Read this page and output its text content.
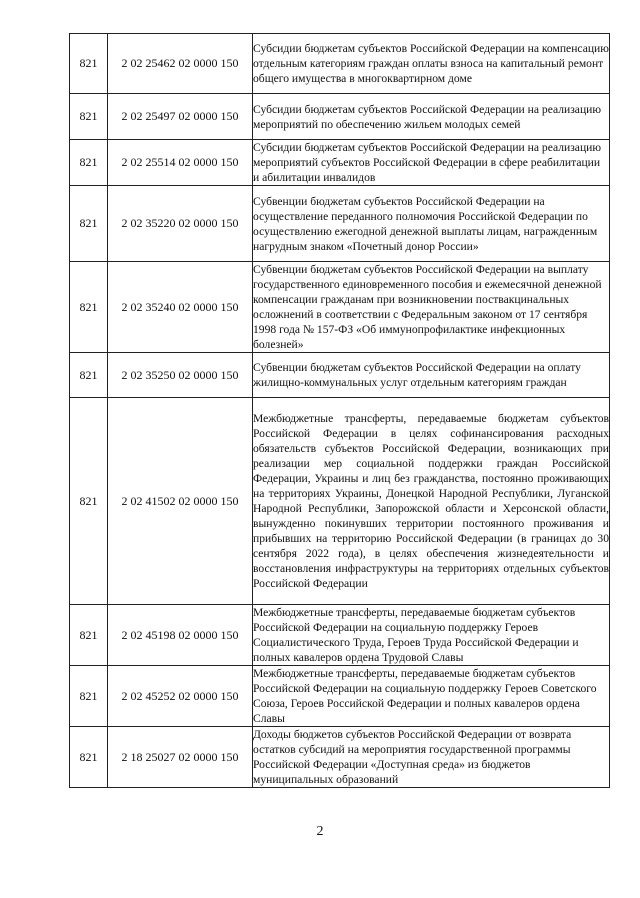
821	2 02 25462 02 0000 150	Субсидии бюджетам субъектов Российской Федерации на компенсацию отдельным категориям граждан оплаты взноса на капитальный ремонт общего имущества в многоквартирном доме

821	2 02 25497 02 0000 150	Субсидии бюджетам субъектов Российской Федерации на реализацию мероприятий по обеспечению жильем молодых семей

821	2 02 25514 02 0000 150	Субсидии бюджетам субъектов Российской Федерации на реализацию мероприятий субъектов Российской Федерации в сфере реабилитации и абилитации инвалидов

821	2 02 35220 02 0000 150	Субвенции бюджетам субъектов Российской Федерации на осуществление переданного полномочия Российской Федерации по осуществлению ежегодной денежной выплаты лицам, награжденным нагрудным знаком «Почетный донор России»

821	2 02 35240 02 0000 150	Субвенции бюджетам субъектов Российской Федерации на выплату государственного единовременного пособия и ежемесячной денежной компенсации гражданам при возникновении поствакцинальных осложнений в соответствии с Федеральным законом от 17 сентября 1998 года № 157-ФЗ «Об иммунопрофилактике инфекционных болезней»

821	2 02 35250 02 0000 150	Субвенции бюджетам субъектов Российской Федерации на оплату жилищно-коммунальных услуг отдельным категориям граждан

821	2 02 41502 02 0000 150	Межбюджетные трансферты, передаваемые бюджетам субъектов Российской Федерации в целях софинансирования расходных обязательств субъектов Российской Федерации, возникающих при реализации мер социальной поддержки граждан Российской Федерации, Украины и лиц без гражданства, постоянно проживающих на территориях Украины, Донецкой Народной Республики, Луганской Народной Республики, Запорожской области и Херсонской области, вынужденно покинувших территории постоянного проживания и прибывших на территорию Российской Федерации (в границах до 30 сентября 2022 года), в целях обеспечения жизнедеятельности и восстановления инфраструктуры на территориях отдельных субъектов Российской Федерации

821	2 02 45198 02 0000 150	Межбюджетные трансферты, передаваемые бюджетам субъектов Российской Федерации на социальную поддержку Героев Социалистического Труда, Героев Труда Российской Федерации и полных кавалеров ордена Трудовой Славы

821	2 02 45252 02 0000 150	Межбюджетные трансферты, передаваемые бюджетам субъектов Российской Федерации на социальную поддержку Героев Советского Союза, Героев Российской Федерации и полных кавалеров ордена Славы

821	2 18 25027 02 0000 150	Доходы бюджетов субъектов Российской Федерации от возврата остатков субсидий на мероприятия государственной программы Российской Федерации «Доступная среда» из бюджетов муниципальных образований
2
